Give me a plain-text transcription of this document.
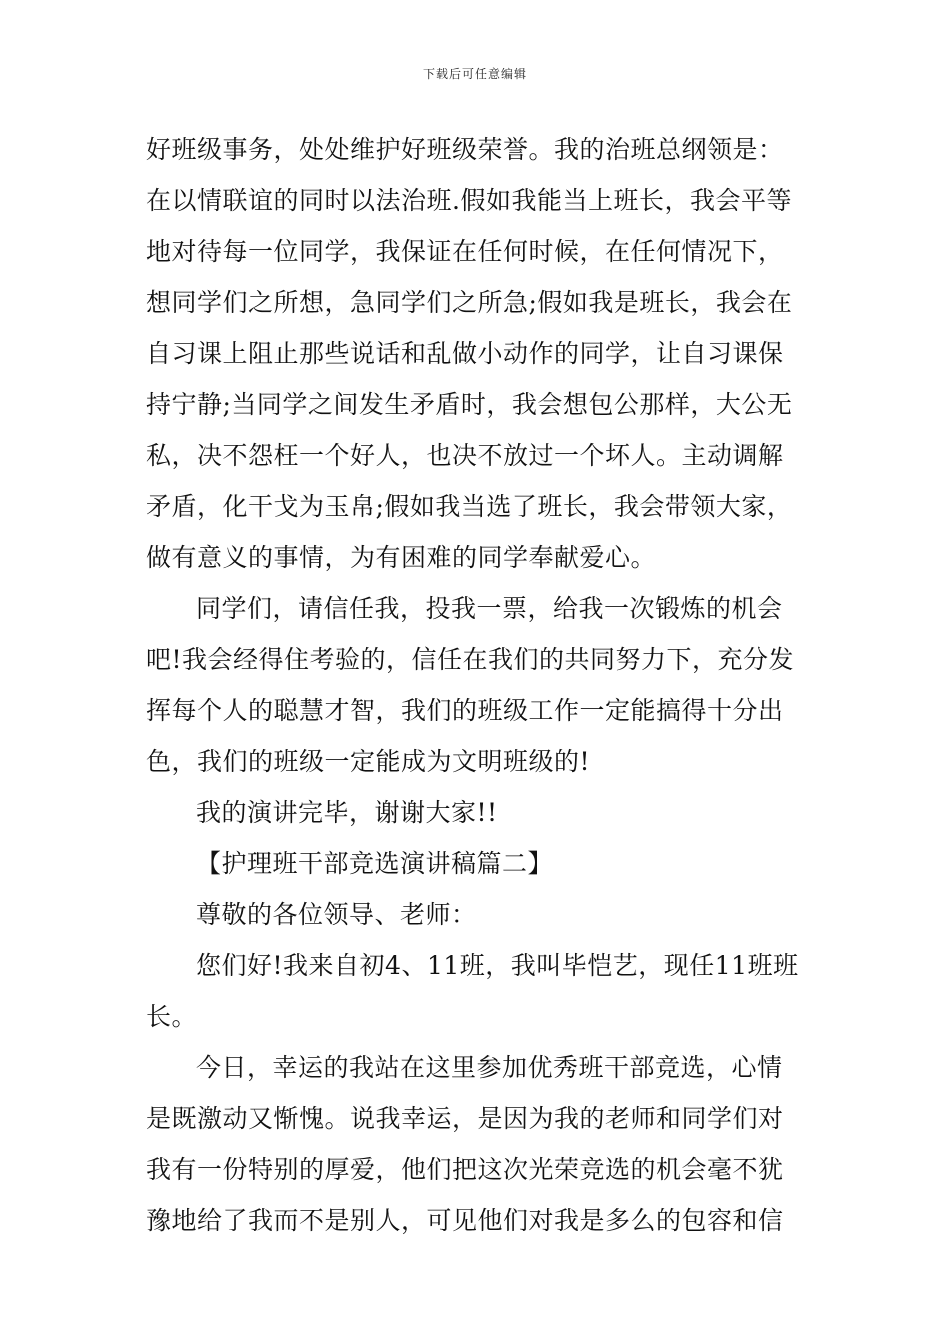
下载后可任意编辑
好班级事务，处处维护好班级荣誉。我的治班总纲领是：
在以情联谊的同时以法治班.假如我能当上班长，我会平等
地对待每一位同学，我保证在任何时候，在任何情况下，
想同学们之所想，急同学们之所急;假如我是班长，我会在
自习课上阻止那些说话和乱做小动作的同学，让自习课保
持宁静;当同学之间发生矛盾时，我会想包公那样，大公无
私，决不怨枉一个好人，也决不放过一个坏人。主动调解
矛盾，化干戈为玉帛;假如我当选了班长，我会带领大家，
做有意义的事情，为有困难的同学奉献爱心。
同学们，请信任我，投我一票，给我一次锻炼的机会
吧!我会经得住考验的，信任在我们的共同努力下，充分发
挥每个人的聪慧才智，我们的班级工作一定能搞得十分出
色，我们的班级一定能成为文明班级的!
我的演讲完毕，谢谢大家!!
【护理班干部竞选演讲稿篇二】
尊敬的各位领导、老师：
您们好!我来自初4、11班，我叫毕恺艺，现任11班班
长。
今日，幸运的我站在这里参加优秀班干部竞选，心情
是既激动又惭愧。说我幸运，是因为我的老师和同学们对
我有一份特别的厚爱，他们把这次光荣竞选的机会毫不犹
豫地给了我而不是别人，可见他们对我是多么的包容和信
